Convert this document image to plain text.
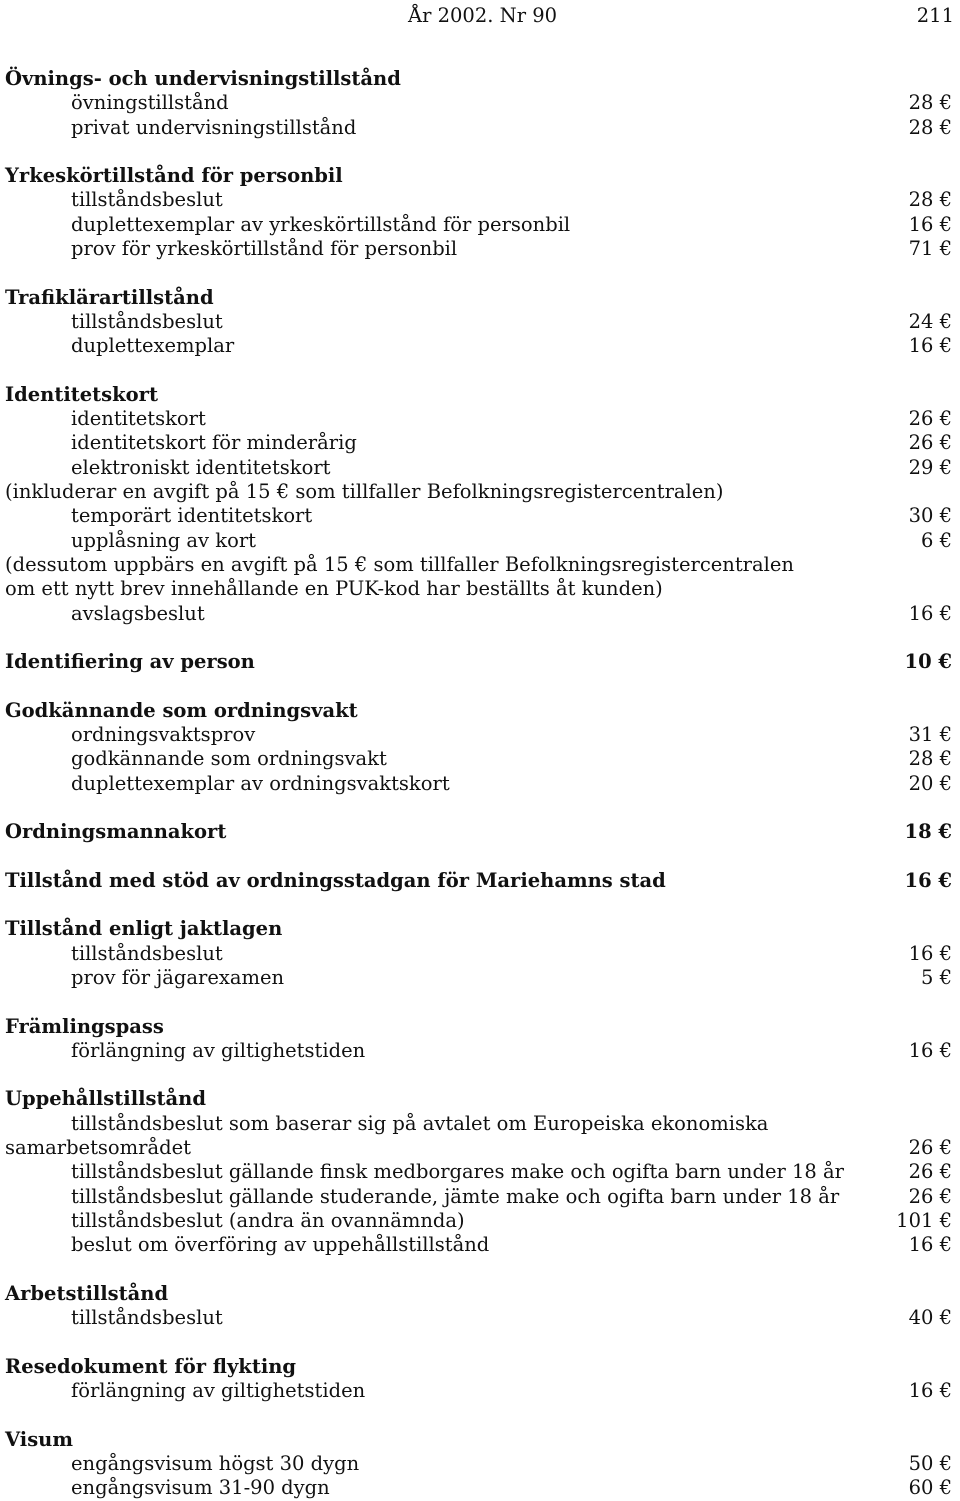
År 2002. Nr 90	211
Övnings- och undervisningstillstånd
övningstillstånd	28 €
privat undervisningstillstånd	28 €
Yrkeskörtillstånd för personbil
tillståndsbeslut	28 €
duplettexemplar av yrkeskörtillstånd för personbil	16 €
prov för yrkeskörtillstånd för personbil	71 €
Trafiklärartillstånd
tillståndsbeslut	24 €
duplettexemplar	16 €
Identitetskort
identitetskort	26 €
identitetskort för minderårig	26 €
elektroniskt identitetskort	29 €
(inkluderar en avgift på 15 € som tillfaller Befolkningsregistercentralen)
temporärt identitetskort	30 €
upplåsning av kort	6 €
(dessutom uppbärs en avgift på 15 € som tillfaller Befolkningsregistercentralen
om ett nytt brev innehållande en PUK-kod har beställts åt kunden)
avslagsbeslut	16 €
Identifiering av person	10 €
Godkännande som ordningsvakt
ordningsvaktsprov	31 €
godkännande som ordningsvakt	28 €
duplettexemplar av ordningsvaktskort	20 €
Ordningsmannakort	18 €
Tillstånd med stöd av ordningsstadgan för Mariehamns stad	16 €
Tillstånd enligt jaktlagen
tillståndsbeslut	16 €
prov för jägarexamen	5 €
Främlingspass
förlängning av giltighetstiden	16 €
Uppehållstillstånd
tillståndsbeslut som baserar sig på avtalet om Europeiska ekonomiska
samarbetsområdet	26 €
tillståndsbeslut gällande finsk medborgares make och ogifta barn under 18 år	26 €
tillståndsbeslut gällande studerande, jämte make och ogifta barn under 18 år	26 €
tillståndsbeslut (andra än ovannämnda)	101 €
beslut om överföring av uppehållstillstånd	16 €
Arbetstillstånd
tillståndsbeslut	40 €
Resedokument för flykting
förlängning av giltighetstiden	16 €
Visum
engångsvisum högst 30 dygn	50 €
engångsvisum 31-90 dygn	60 €
